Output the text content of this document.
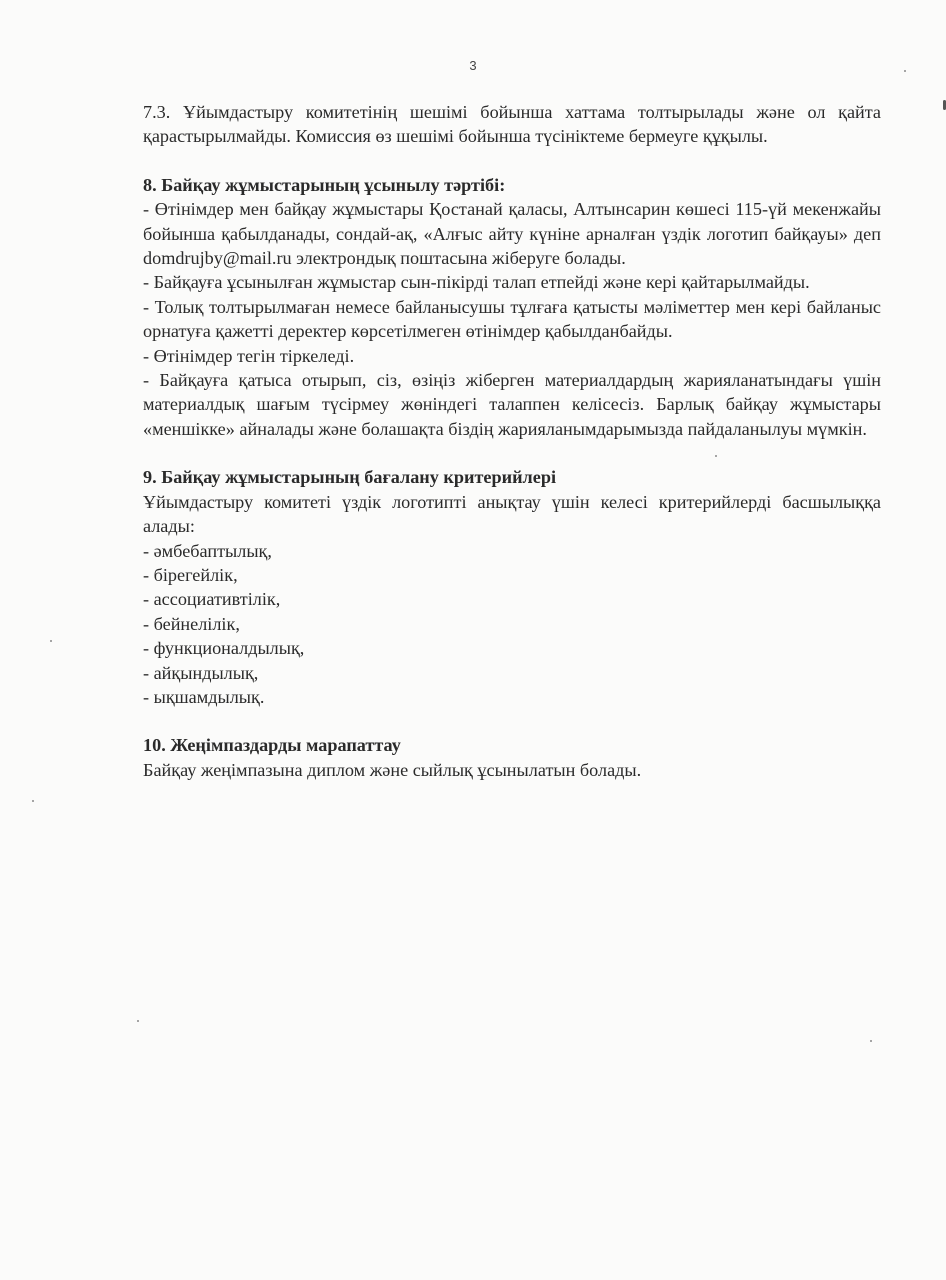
3

7.3. Ұйымдастыру комитетінің шешімі бойынша хаттама толтырылады және ол қайта қарастырылмайды. Комиссия өз шешімі бойынша түсініктеме бермеуге құқылы.

8. Байқау жұмыстарының ұсынылу тәртібі:

- Өтінімдер мен байқау жұмыстары Қостанай қаласы, Алтынсарин көшесі 115-үй мекенжайы бойынша қабылданады, сондай-ақ, «Алғыс айту күніне арналған үздік логотип байқауы» деп domdrujby@mail.ru электрондық поштасына жіберуге болады.

- Байқауға ұсынылған жұмыстар сын-пікірді талап етпейді және кері қайтарылмайды.

- Толық толтырылмаған немесе байланысушы тұлғаға қатысты мәліметтер мен кері байланыс орнатуға қажетті деректер көрсетілмеген өтінімдер қабылданбайды.

- Өтінімдер тегін тіркеледі.

- Байқауға қатыса отырып, сіз, өзіңіз жіберген материалдардың жарияланатындағы үшін материалдық шағым түсірмеу жөніндегі талаппен келісесіз. Барлық байқау жұмыстары «меншікке» айналады және болашақта біздің жарияланымдарымызда пайдаланылуы мүмкін.

9. Байқау жұмыстарының бағалану критерийлері

Ұйымдастыру комитеті үздік логотипті анықтау үшін келесі критерийлерді басшылыққа алады:

- әмбебаптылық,

- бірегейлік,

- ассоциативтілік,

- бейнелілік,

- функционалдылық,

- айқындылық,

- ықшамдылық.

10. Жеңімпаздарды марапаттау

Байқау жеңімпазына диплом және сыйлық ұсынылатын болады.
